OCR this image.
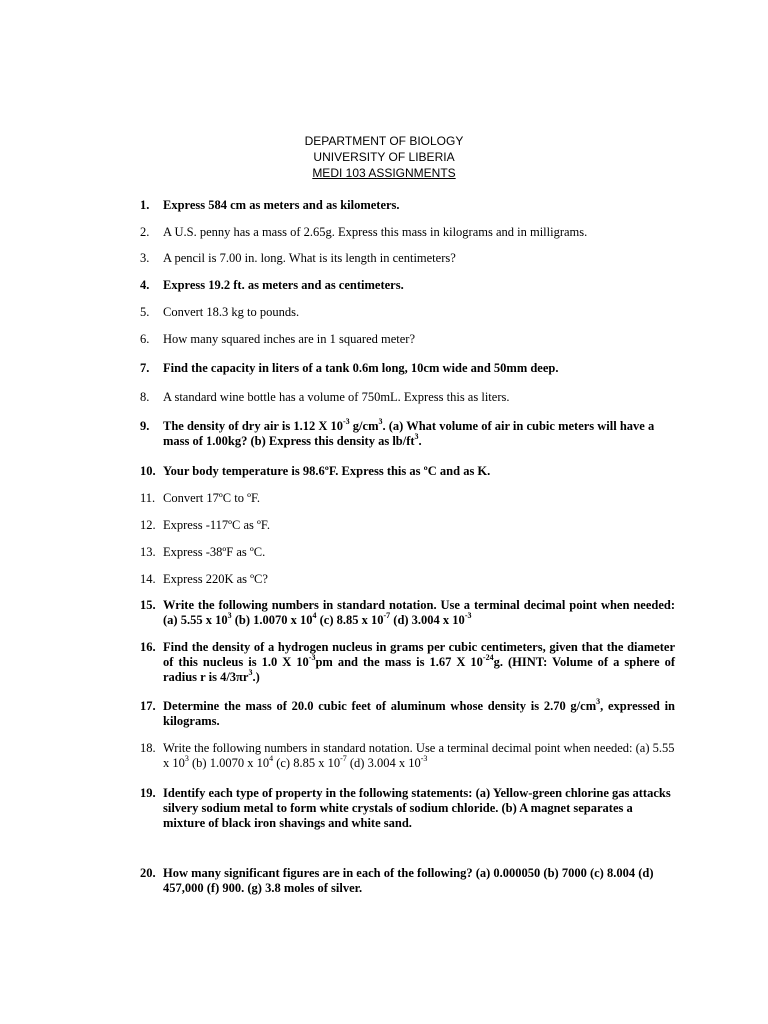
DEPARTMENT OF BIOLOGY
UNIVERSITY OF LIBERIA
MEDI 103 ASSIGNMENTS
1. Express 584 cm as meters and as kilometers.
2. A U.S. penny has a mass of 2.65g. Express this mass in kilograms and in milligrams.
3. A pencil is 7.00 in. long. What is its length in centimeters?
4. Express 19.2 ft. as meters and as centimeters.
5. Convert 18.3 kg to pounds.
6. How many squared inches are in 1 squared meter?
7. Find the capacity in liters of a tank 0.6m long, 10cm wide and 50mm deep.
8. A standard wine bottle has a volume of 750mL. Express this as liters.
9. The density of dry air is 1.12 X $10^{-3}$ $g/cm^3$. (a) What volume of air in cubic meters will have a mass of 1.00kg? (b) Express this density as $lb/ft^3$.
10. Your body temperature is 98.6ºF. Express this as ºC and as K.
11. Convert 17ºC to ºF.
12. Express -117ºC as ºF.
13. Express -38ºF as ºC.
14. Express 220K as ºC?
15. Write the following numbers in standard notation. Use a terminal decimal point when needed: (a) 5.55 x $10^3$ (b) 1.0070 x $10^4$ (c) 8.85 x $10^{-7}$ (d) 3.004 x $10^{-3}$
16. Find the density of a hydrogen nucleus in grams per cubic centimeters, given that the diameter of this nucleus is 1.0 X $10^{-3}pm$ and the mass is 1.67 X $10^{-24}g$. (HINT: Volume of a sphere of radius r is $4/3\pi r^3$.)
17. Determine the mass of 20.0 cubic feet of aluminum whose density is 2.70 $g/cm^3$, expressed in kilograms.
18. Write the following numbers in standard notation. Use a terminal decimal point when needed: (a) 5.55 x $10^3$ (b) 1.0070 x $10^4$ (c) 8.85 x $10^{-7}$ (d) 3.004 x $10^{-3}$
19. Identify each type of property in the following statements: (a) Yellow-green chlorine gas attacks silvery sodium metal to form white crystals of sodium chloride. (b) A magnet separates a mixture of black iron shavings and white sand.
20. How many significant figures are in each of the following? (a) 0.000050 (b) 7000 (c) 8.004 (d) 457,000 (f) 900. (g) 3.8 moles of silver.
